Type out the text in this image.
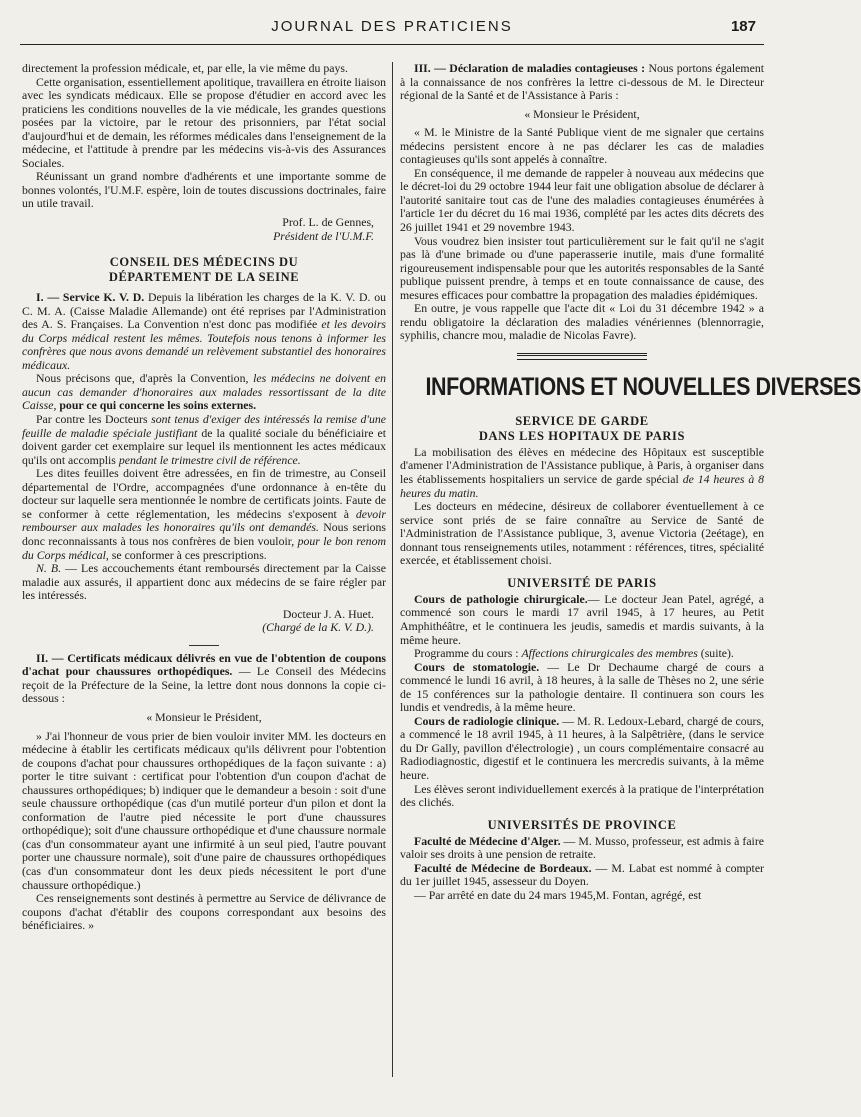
JOURNAL DES PRATICIENS	187

directement la profession médicale, et, par elle, la vie même du pays.

Cette organisation, essentiellement apolitique, travaillera en étroite liaison avec les syndicats médicaux. Elle se propose d'étudier en accord avec les praticiens les conditions nouvelles de la vie médicale, les grandes questions posées par la victoire, par le retour des prisonniers, par l'état social d'aujourd'hui et de demain, les réformes médicales dans l'enseignement de la médecine, et l'attitude à prendre par les médecins vis-à-vis des Assurances Sociales.

Réunissant un grand nombre d'adhérents et une importante somme de bonnes volontés, l'U.M.F. espère, loin de toutes discussions doctrinales, faire un utile travail.

Prof. L. de Gennes,

Président de l'U.M.F.

CONSEIL DES MÉDECINS DU
DÉPARTEMENT DE LA SEINE

I. — Service K. V. D. Depuis la libération les charges de la K. V. D. ou C. M. A. (Caisse Maladie Allemande) ont été reprises par l'Administration des A. S. Françaises. La Convention n'est donc pas modifiée et les devoirs du Corps médical restent les mêmes. Toutefois nous tenons à informer les confrères que nous avons demandé un relèvement substantiel des honoraires médicaux.

Nous précisons que, d'après la Convention, les médecins ne doivent en aucun cas demander d'honoraires aux malades ressortissant de la dite Caisse, pour ce qui concerne les soins externes.

Par contre les Docteurs sont tenus d'exiger des intéressés la remise d'une feuille de maladie spéciale justifiant de la qualité sociale du bénéficiaire et doivent garder cet exemplaire sur lequel ils mentionnent les actes médicaux qu'ils ont accomplis pendant le trimestre civil de référence.

Les dites feuilles doivent être adressées, en fin de trimestre, au Conseil départemental de l'Ordre, accompagnées d'une ordonnance à en-tête du docteur sur laquelle sera mentionnée le nombre de certificats joints. Faute de se conformer à cette réglementation, les médecins s'exposent à devoir rembourser aux malades les honoraires qu'ils ont demandés. Nous serions donc reconnaissants à tous nos confrères de bien vouloir, pour le bon renom du Corps médical, se conformer à ces prescriptions.

N. B. — Les accouchements étant remboursés directement par la Caisse maladie aux assurés, il appartient donc aux médecins de se faire régler par les intéressés.

Docteur J. A. Huet.

(Chargé de la K. V. D.).

II. — Certificats médicaux délivrés en vue de l'obtention de coupons d'achat pour chaussures orthopédiques. — Le Conseil des Médecins reçoit de la Préfecture de la Seine, la lettre dont nous donnons la copie ci-dessous :

« Monsieur le Président,

» J'ai l'honneur de vous prier de bien vouloir inviter MM. les docteurs en médecine à établir les certificats médicaux qu'ils délivrent pour l'obtention de coupons d'achat pour chaussures orthopédiques de la façon suivante : a) porter le titre suivant : certificat pour l'obtention d'un coupon d'achat de chaussures orthopédiques; b) indiquer que le demandeur a besoin : soit d'une seule chaussure orthopédique (cas d'un mutilé porteur d'un pilon et dont la conformation de l'autre pied nécessite le port d'une chaussures orthopédique); soit d'une chaussure orthopédique et d'une chaussure normale (cas d'un consommateur ayant une infirmité à un seul pied, l'autre pouvant porter une chaussure normale), soit d'une paire de chaussures orthopédiques (cas d'un consommateur dont les deux pieds nécessitent le port d'une chaussure orthopédique.)

Ces renseignements sont destinés à permettre au Service de délivrance de coupons d'achat d'établir des coupons correspondant aux besoins des bénéficiaires. »

III. — Déclaration de maladies contagieuses : Nous portons également à la connaissance de nos confrères la lettre ci-dessous de M. le Directeur régional de la Santé et de l'Assistance à Paris :

« Monsieur le Président,

« M. le Ministre de la Santé Publique vient de me signaler que certains médecins persistent encore à ne pas déclarer les cas de maladies contagieuses qu'ils sont appelés à connaître.

En conséquence, il me demande de rappeler à nouveau aux médecins que le décret-loi du 29 octobre 1944 leur fait une obligation absolue de déclarer à l'autorité sanitaire tout cas de l'une des maladies contagieuses énumérées à l'article 1er du décret du 16 mai 1936, complété par les actes dits décrets des 26 juillet 1941 et 29 novembre 1943.

Vous voudrez bien insister tout particulièrement sur le fait qu'il ne s'agit pas là d'une brimade ou d'une paperasserie inutile, mais d'une formalité rigoureusement indispensable pour que les autorités responsables de la Santé publique puissent prendre, à temps et en toute connaissance de cause, des mesures efficaces pour combattre la propagation des maladies épidémiques.

En outre, je vous rappelle que l'acte dit « Loi du 31 décembre 1942 » a rendu obligatoire la déclaration des maladies vénériennes (blennorragie, syphilis, chancre mou, maladie de Nicolas Favre).

INFORMATIONS ET NOUVELLES DIVERSES
SERVICE DE GARDE
DANS LES HOPITAUX DE PARIS

La mobilisation des élèves en médecine des Hôpitaux est susceptible d'amener l'Administration de l'Assistance publique, à Paris, à organiser dans les établissements hospitaliers un service de garde spécial de 14 heures à 8 heures du matin.

Les docteurs en médecine, désireux de collaborer éventuellement à ce service sont priés de se faire connaître au Service de Santé de l'Administration de l'Assistance publique, 3, avenue Victoria (2eétage), en donnant tous renseignements utiles, notamment : références, titres, spécialité exercée, et établissement choisi.

UNIVERSITÉ DE PARIS

Cours de pathologie chirurgicale.— Le docteur Jean Patel, agrégé, a commencé son cours le mardi 17 avril 1945, à 17 heures, au Petit Amphithéâtre, et le continuera les jeudis, samedis et mardis suivants, à la même heure.

Programme du cours : Affections chirurgicales des membres (suite).

Cours de stomatologie. — Le Dr Dechaume chargé de cours a commencé le lundi 16 avril, à 18 heures, à la salle de Thèses no 2, une série de 15 conférences sur la pathologie dentaire. Il continuera son cours les lundis et vendredis, à la même heure.

Cours de radiologie clinique. — M. R. Ledoux-Lebard, chargé de cours, a commencé le 18 avril 1945, à 11 heures, à la Salpêtrière, (dans le service du Dr Gally, pavillon d'électrologie) , un cours complémentaire consacré au Radiodiagnostic, digestif et le continuera les mercredis suivants, à la même heure.

Les élèves seront individuellement exercés à la pratique de l'interprétation des clichés.

UNIVERSITÉS DE PROVINCE

Faculté de Médecine d'Alger. — M. Musso, professeur, est admis à faire valoir ses droits à une pension de retraite.

Faculté de Médecine de Bordeaux. — M. Labat est nommé à compter du 1er juillet 1945, assesseur du Doyen.

— Par arrêté en date du 24 mars 1945,M. Fontan, agrégé, est
